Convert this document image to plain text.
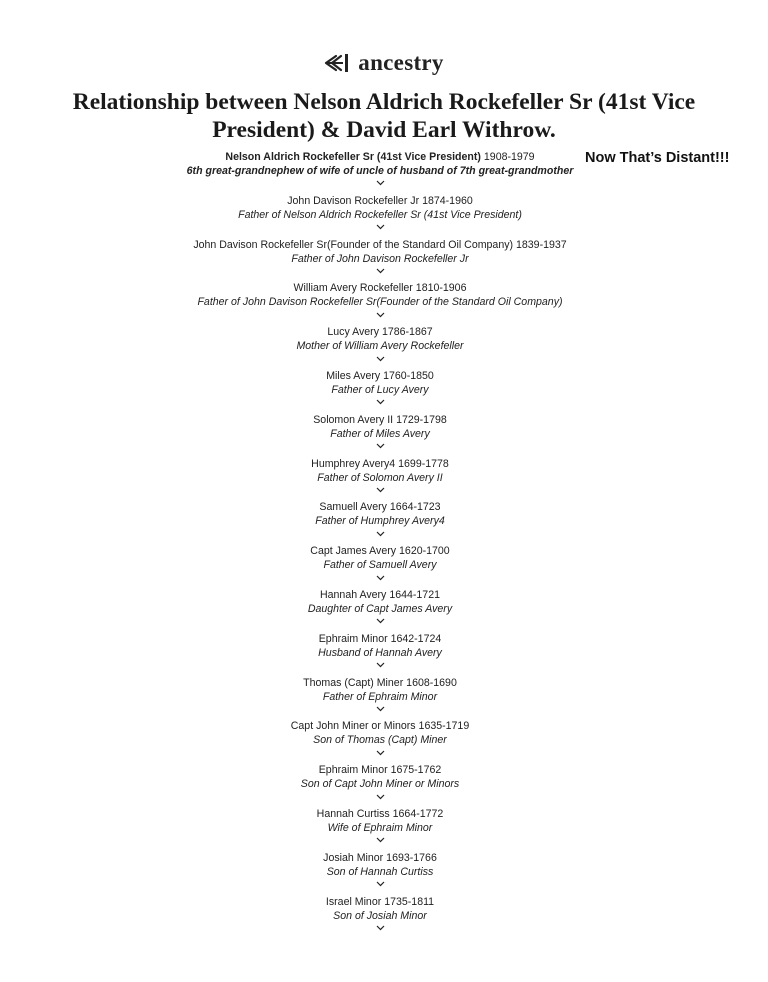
ancestry
Relationship between Nelson Aldrich Rockefeller Sr (41st Vice President) & David Earl Withrow.
Now That’s Distant!!!
Nelson Aldrich Rockefeller Sr (41st Vice President) 1908-1979
6th great-grandnephew of wife of uncle of husband of 7th great-grandmother
John Davison Rockefeller Jr 1874-1960
Father of Nelson Aldrich Rockefeller Sr (41st Vice President)
John Davison Rockefeller Sr(Founder of the Standard Oil Company) 1839-1937
Father of John Davison Rockefeller Jr
William Avery Rockefeller 1810-1906
Father of John Davison Rockefeller Sr(Founder of the Standard Oil Company)
Lucy Avery 1786-1867
Mother of William Avery Rockefeller
Miles Avery 1760-1850
Father of Lucy Avery
Solomon Avery II 1729-1798
Father of Miles Avery
Humphrey Avery4 1699-1778
Father of Solomon Avery II
Samuell Avery 1664-1723
Father of Humphrey Avery4
Capt James Avery 1620-1700
Father of Samuell Avery
Hannah Avery 1644-1721
Daughter of Capt James Avery
Ephraim Minor 1642-1724
Husband of Hannah Avery
Thomas (Capt) Miner 1608-1690
Father of Ephraim Minor
Capt John Miner or Minors 1635-1719
Son of Thomas (Capt) Miner
Ephraim Minor 1675-1762
Son of Capt John Miner or Minors
Hannah Curtiss 1664-1772
Wife of Ephraim Minor
Josiah Minor 1693-1766
Son of Hannah Curtiss
Israel Minor 1735-1811
Son of Josiah Minor
